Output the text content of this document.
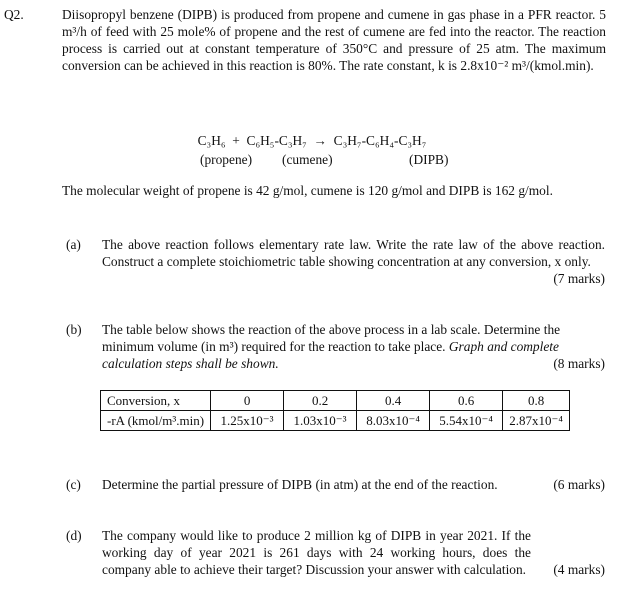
Q2.	Diisopropyl benzene (DIPB) is produced from propene and cumene in gas phase in a PFR reactor. 5 m³/h of feed with 25 mole% of propene and the rest of cumene are fed into the reactor. The reaction process is carried out at constant temperature of 350°C and pressure of 25 atm. The maximum conversion can be achieved in this reaction is 80%. The rate constant, k is 2.8x10⁻² m³/(kmol.min).
C₃H₆ + C₆H₅-C₃H₇ → C₃H₇-C₆H₄-C₃H₇
(propene) (cumene)	(DIPB)
The molecular weight of propene is 42 g/mol, cumene is 120 g/mol and DIPB is 162 g/mol.
(a) The above reaction follows elementary rate law. Write the rate law of the above reaction. Construct a complete stoichiometric table showing concentration at any conversion, x only.
(7 marks)
(b) The table below shows the reaction of the above process in a lab scale. Determine the
minimum volume (in m³) required for the reaction to take place. Graph and complete
calculation steps shall be shown.	(8 marks)
Conversion, x	0	0.2	0.4	0.6	0.8
-rA (kmol/m³.min)	1.25x10⁻³	1.03x10⁻³	8.03x10⁻⁴	5.54x10⁻⁴	2.87x10⁻⁴
(c) Determine the partial pressure of DIPB (in atm) at the end of the reaction.	(6 marks)
(d) The company would like to produce 2 million kg of DIPB in year 2021. If the working day of year 2021 is 261 days with 24 working hours, does the company able to achieve their target? Discussion your answer with calculation.	(4 marks)
